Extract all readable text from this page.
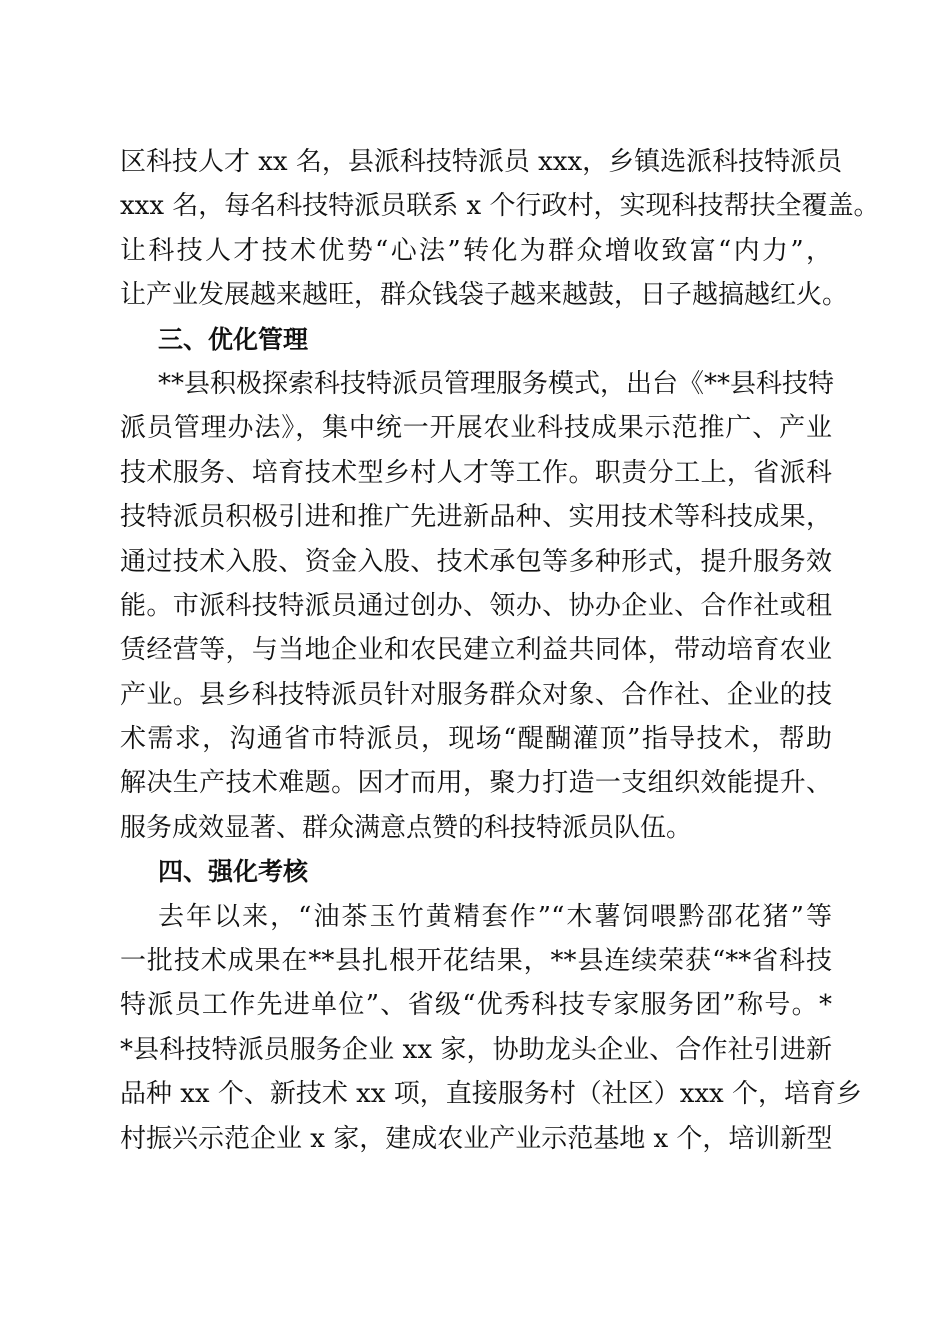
区科技人才 xx 名，县派科技特派员 xxx，乡镇选派科技特派员
xxx 名，每名科技特派员联系 x 个行政村，实现科技帮扶全覆盖。
让科技人才技术优势“心法”转化为群众增收致富“内力”，
让产业发展越来越旺，群众钱袋子越来越鼓，日子越搞越红火。
三、优化管理
**县积极探索科技特派员管理服务模式，出台《**县科技特
派员管理办法》，集中统一开展农业科技成果示范推广、产业
技术服务、培育技术型乡村人才等工作。职责分工上，省派科
技特派员积极引进和推广先进新品种、实用技术等科技成果，
通过技术入股、资金入股、技术承包等多种形式，提升服务效
能。市派科技特派员通过创办、领办、协办企业、合作社或租
赁经营等，与当地企业和农民建立利益共同体，带动培育农业
产业。县乡科技特派员针对服务群众对象、合作社、企业的技
术需求，沟通省市特派员，现场“醍醐灌顶”指导技术，帮助
解决生产技术难题。因才而用，聚力打造一支组织效能提升、
服务成效显著、群众满意点赞的科技特派员队伍。
四、强化考核
去年以来，“油茶玉竹黄精套作”“木薯饲喂黔邵花猪”等
一批技术成果在**县扎根开花结果，**县连续荣获“**省科技
特派员工作先进单位”、省级“优秀科技专家服务团”称号。*
*县科技特派员服务企业 xx 家，协助龙头企业、合作社引进新
品种 xx 个、新技术 xx 项，直接服务村（社区）xxx 个，培育乡
村振兴示范企业 x 家，建成农业产业示范基地 x 个，培训新型
